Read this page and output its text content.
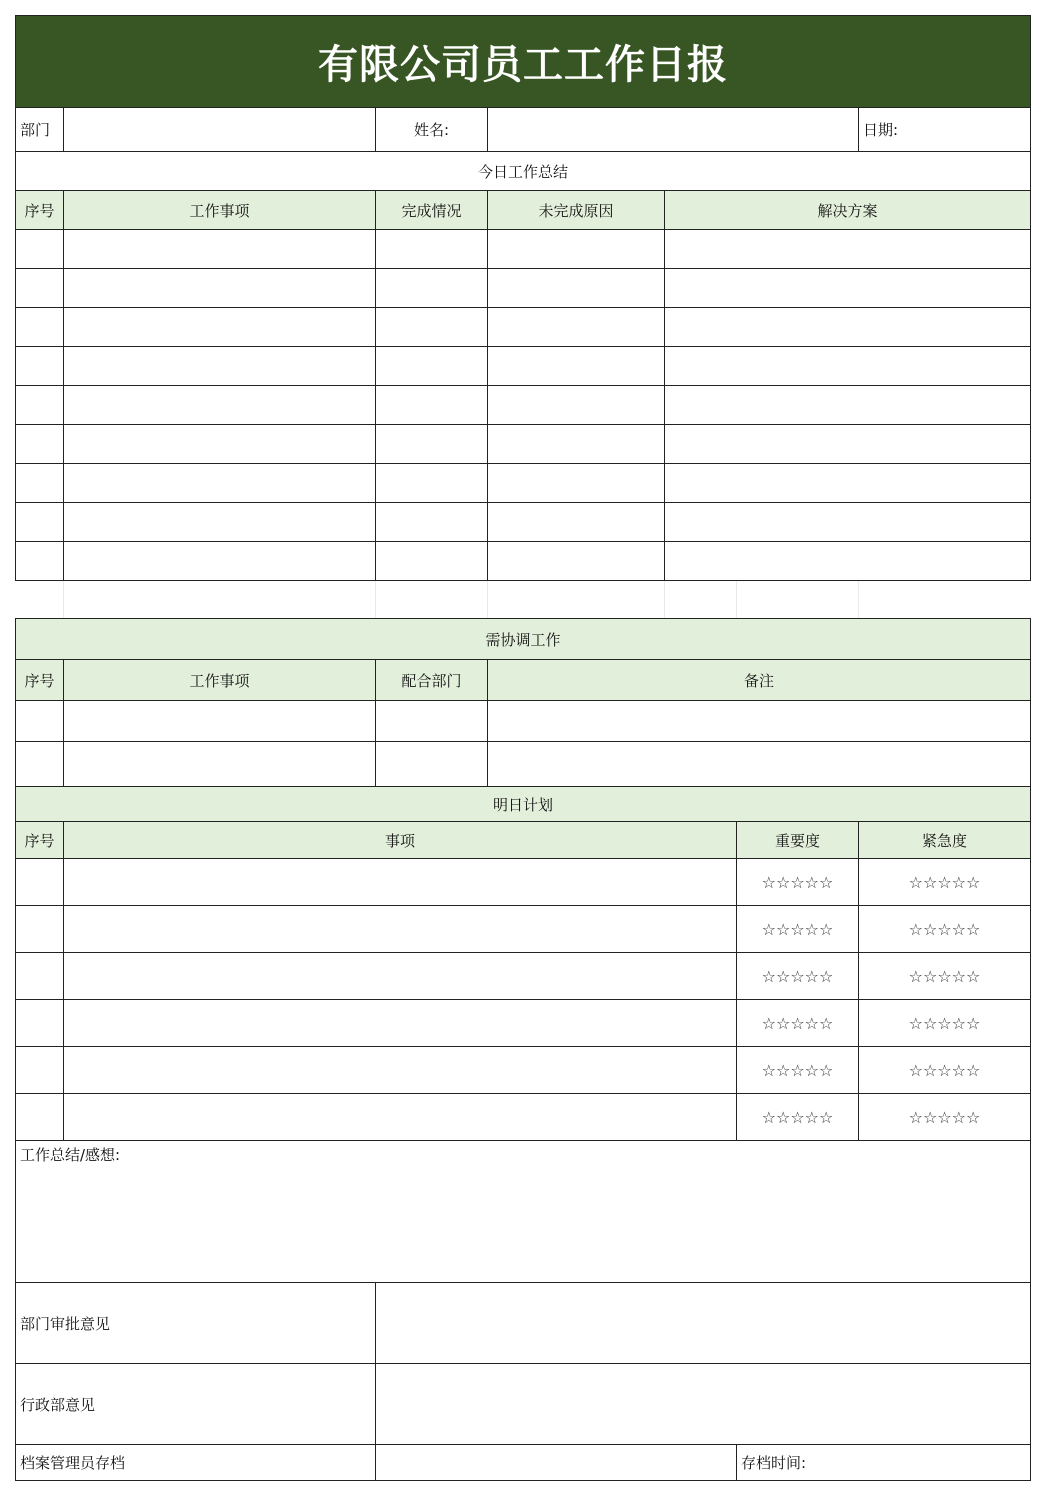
有限公司员工工作日报					
部门		姓名:			日期:
今日工作总结					
序号	工作事项	完成情况	未完成原因	解决方案	

需协调工作					
序号	工作事项	配合部门	备注		

明日计划					
序号	事项			重要度	紧急度
				☆☆☆☆☆	☆☆☆☆☆
				☆☆☆☆☆	☆☆☆☆☆
				☆☆☆☆☆	☆☆☆☆☆
				☆☆☆☆☆	☆☆☆☆☆
				☆☆☆☆☆	☆☆☆☆☆
				☆☆☆☆☆	☆☆☆☆☆
工作总结/感想:					
部门审批意见					
行政部意见					
档案管理员存档				存档时间:	
